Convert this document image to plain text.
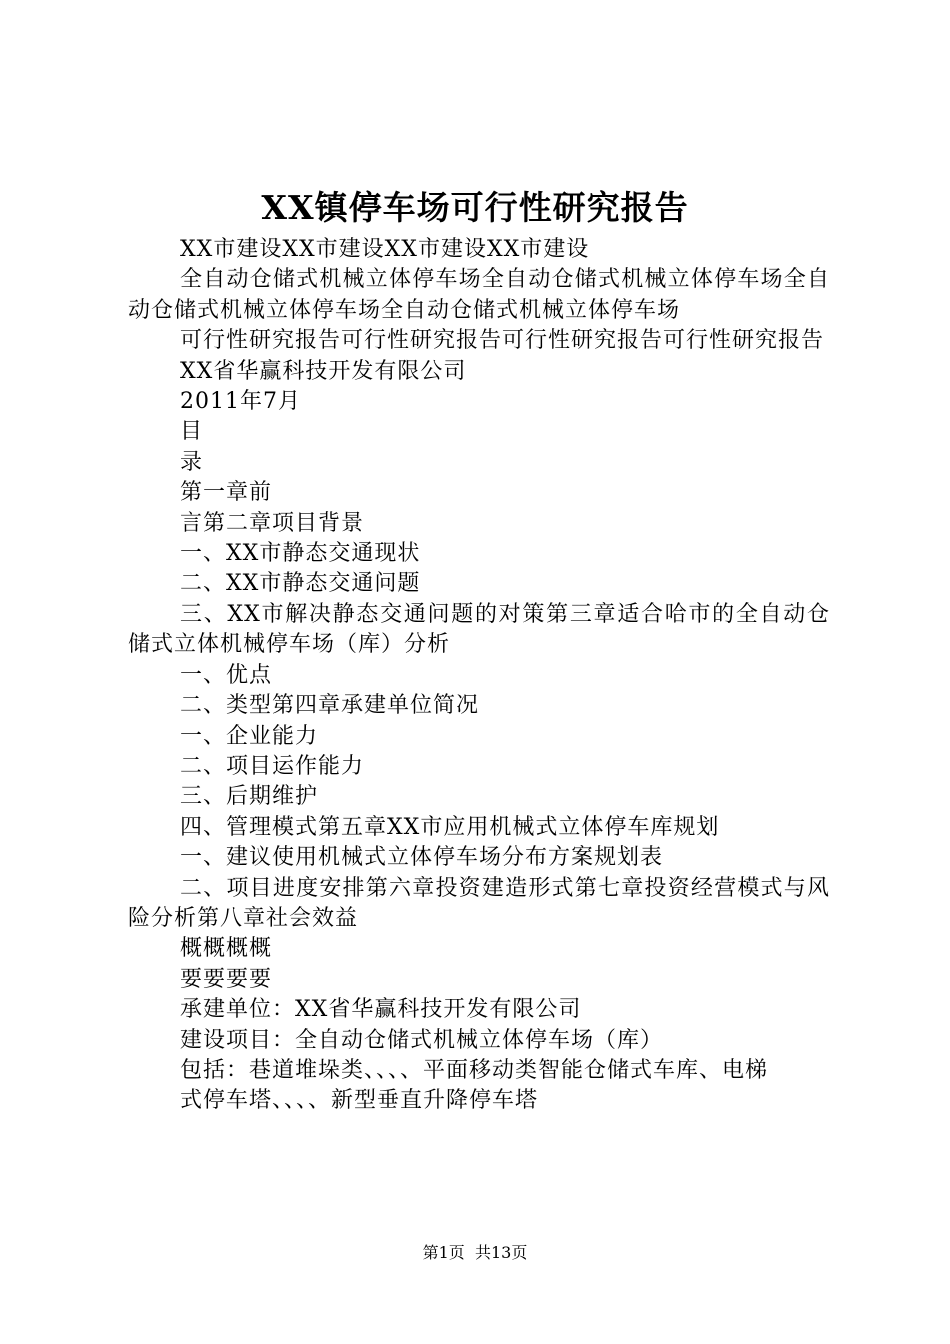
XX镇停车场可行性研究报告

XX市建设XX市建设XX市建设XX市建设

全自动仓储式机械立体停车场全自动仓储式机械立体停车场全自动仓储式机械立体停车场全自动仓储式机械立体停车场

可行性研究报告可行性研究报告可行性研究报告可行性研究报告

XX省华赢科技开发有限公司

2011年7月

目

录

第一章前

言第二章项目背景

一、XX市静态交通现状

二、XX市静态交通问题

三、XX市解决静态交通问题的对策第三章适合哈市的全自动仓储式立体机械停车场（库）分析

一、优点

二、类型第四章承建单位简况

一、企业能力

二、项目运作能力

三、后期维护

四、管理模式第五章XX市应用机械式立体停车库规划

一、建议使用机械式立体停车场分布方案规划表

二、项目进度安排第六章投资建造形式第七章投资经营模式与风险分析第八章社会效益

概概概概

要要要要

承建单位：XX省华赢科技开发有限公司

建设项目：全自动仓储式机械立体停车场（库）

包括：巷道堆垛类、、、、平面移动类智能仓储式车库、电梯

式停车塔、、、、新型垂直升降停车塔

第1页 共13页
